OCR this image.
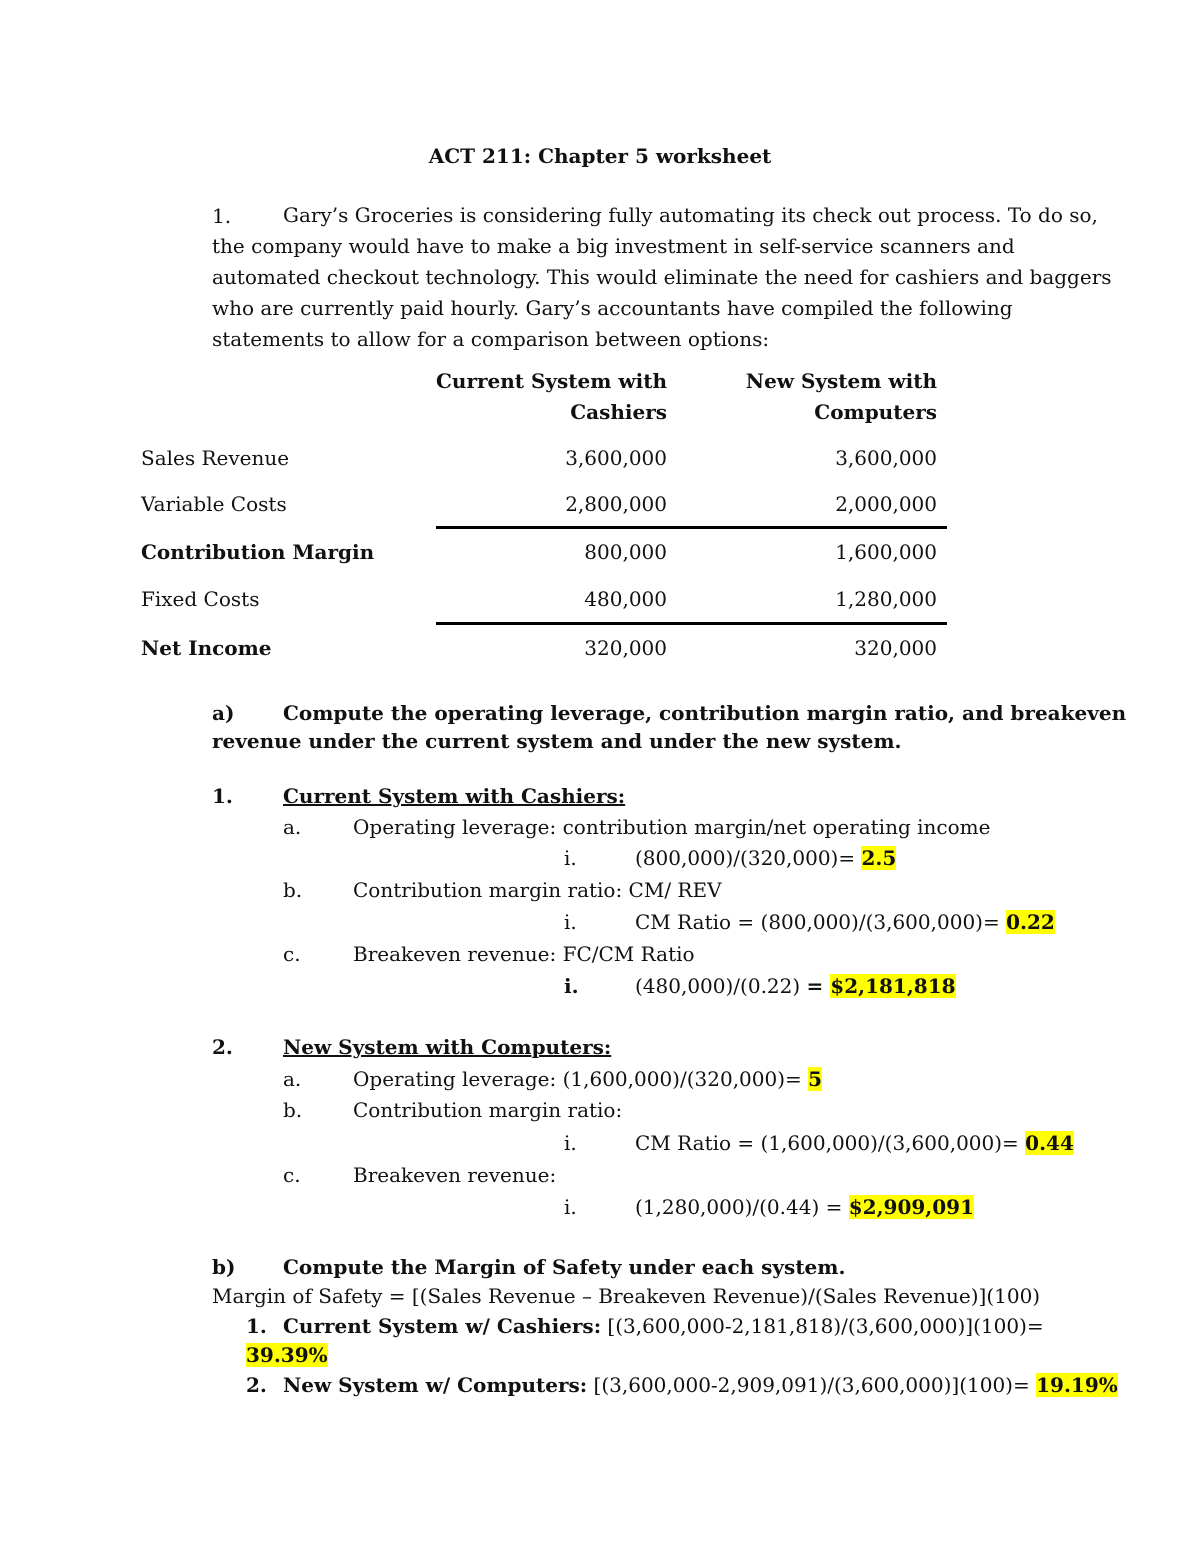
ACT 211: Chapter 5 worksheet
1.	Gary’s Groceries is considering fully automating its check out process. To do so,

the company would have to make a big investment in self-service scanners and

automated checkout technology. This would eliminate the need for cashiers and baggers

who are currently paid hourly. Gary’s accountants have compiled the following

statements to allow for a comparison between options:

Current System with
Cashiers
New System with
Computers
Sales Revenue	3,600,000	3,600,000
Variable Costs	2,800,000	2,000,000
Contribution Margin	800,000	1,600,000
Fixed Costs	480,000	1,280,000
Net Income	320,000	320,000
a) Compute the operating leverage, contribution margin ratio, and breakeven
revenue under the current system and under the new system.
1.	Current System with Cashiers:
a.	Operating leverage: contribution margin/net operating income
i.	(800,000)/(320,000)= 2.5
b.	Contribution margin ratio: CM/ REV
i.	CM Ratio = (800,000)/(3,600,000)= 0.22
c.	Breakeven revenue: FC/CM Ratio
i.	(480,000)/(0.22) = $2,181,818
2.	New System with Computers:
a.	Operating leverage: (1,600,000)/(320,000)= 5
b.	Contribution margin ratio:
i.	CM Ratio = (1,600,000)/(3,600,000)= 0.44
c.	Breakeven revenue:
i.	(1,280,000)/(0.44) = $2,909,091
b) Compute the Margin of Safety under each system.
Margin of Safety = [(Sales Revenue – Breakeven Revenue)/(Sales Revenue)](100)
1. Current System w/ Cashiers: [(3,600,000-2,181,818)/(3,600,000)](100)=
39.39%
2. New System w/ Computers: [(3,600,000-2,909,091)/(3,600,000)](100)= 19.19%
